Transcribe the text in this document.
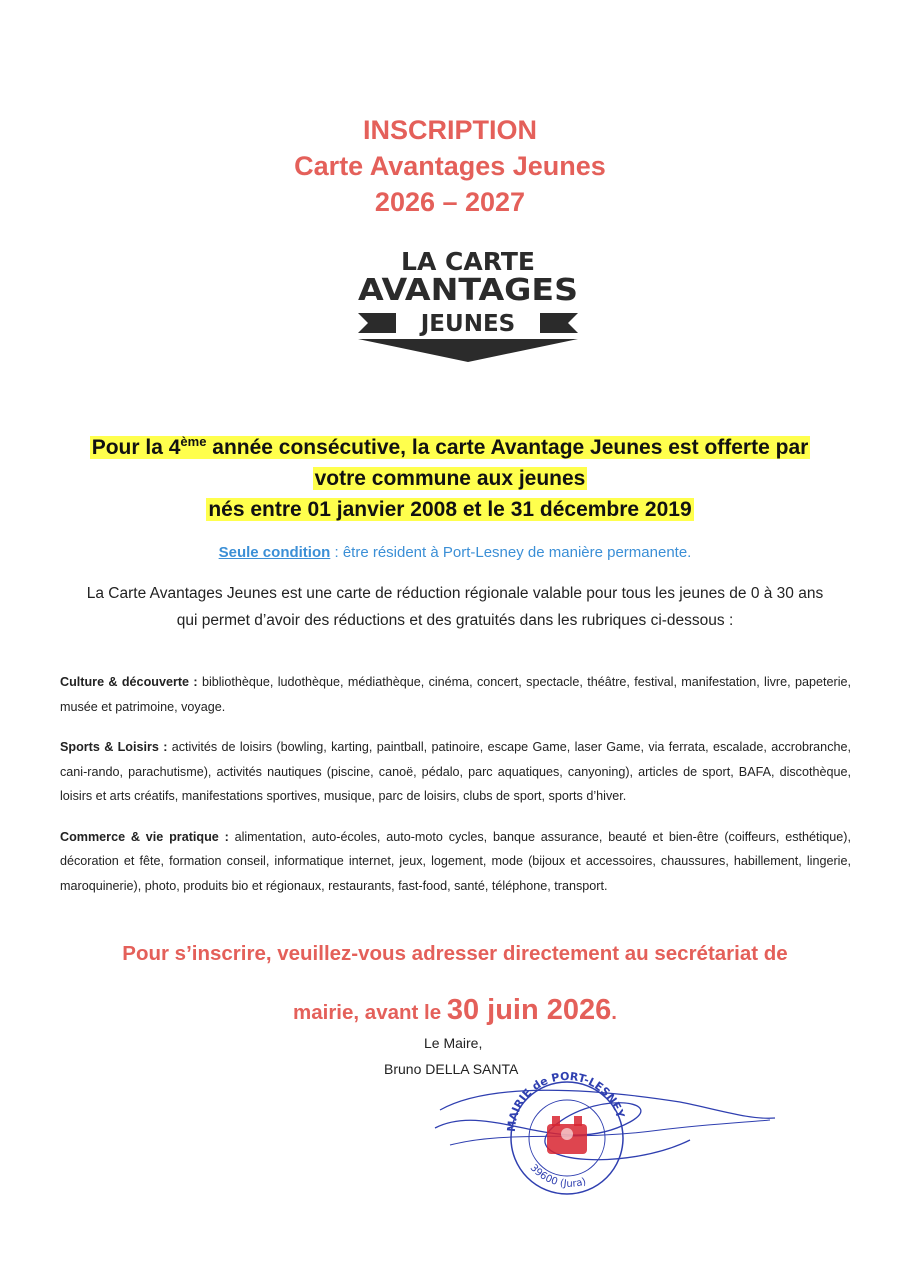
INSCRIPTION
Carte Avantages Jeunes
2026 – 2027
LA CARTE
AVANTAGES
JEUNES
Pour la 4ème année consécutive, la carte Avantage Jeunes est offerte par
votre commune aux jeunes
nés entre 01 janvier 2008 et le 31 décembre 2019
Seule condition : être résident à Port-Lesney de manière permanente.
La Carte Avantages Jeunes est une carte de réduction régionale valable pour tous les jeunes de 0 à 30 ans
qui permet d’avoir des réductions et des gratuités dans les rubriques ci-dessous :

Culture & découverte : bibliothèque, ludothèque, médiathèque, cinéma, concert, spectacle, théâtre, festival, manifestation, livre, papeterie, musée et patrimoine, voyage.

Sports & Loisirs : activités de loisirs (bowling, karting, paintball, patinoire, escape Game, laser Game, via ferrata, escalade, accrobranche, cani-rando, parachutisme), activités nautiques (piscine, canoë, pédalo, parc aquatiques, canyoning), articles de sport, BAFA, discothèque, loisirs et arts créatifs, manifestations sportives, musique, parc de loisirs, clubs de sport, sports d’hiver.

Commerce & vie pratique : alimentation, auto-écoles, auto-moto cycles, banque assurance, beauté et bien-être (coiffeurs, esthétique), décoration et fête, formation conseil, informatique internet, jeux, logement, mode (bijoux et accessoires, chaussures, habillement, lingerie, maroquinerie), photo, produits bio et régionaux, restaurants, fast-food, santé, téléphone, transport.

Pour s’inscrire, veuillez-vous adresser directement au secrétariat de
mairie, avant le 30 juin 2026.
Le Maire,
Bruno DELLA SANTA
MAIRIE de PORT-LESNEY
39600 (Jura)
